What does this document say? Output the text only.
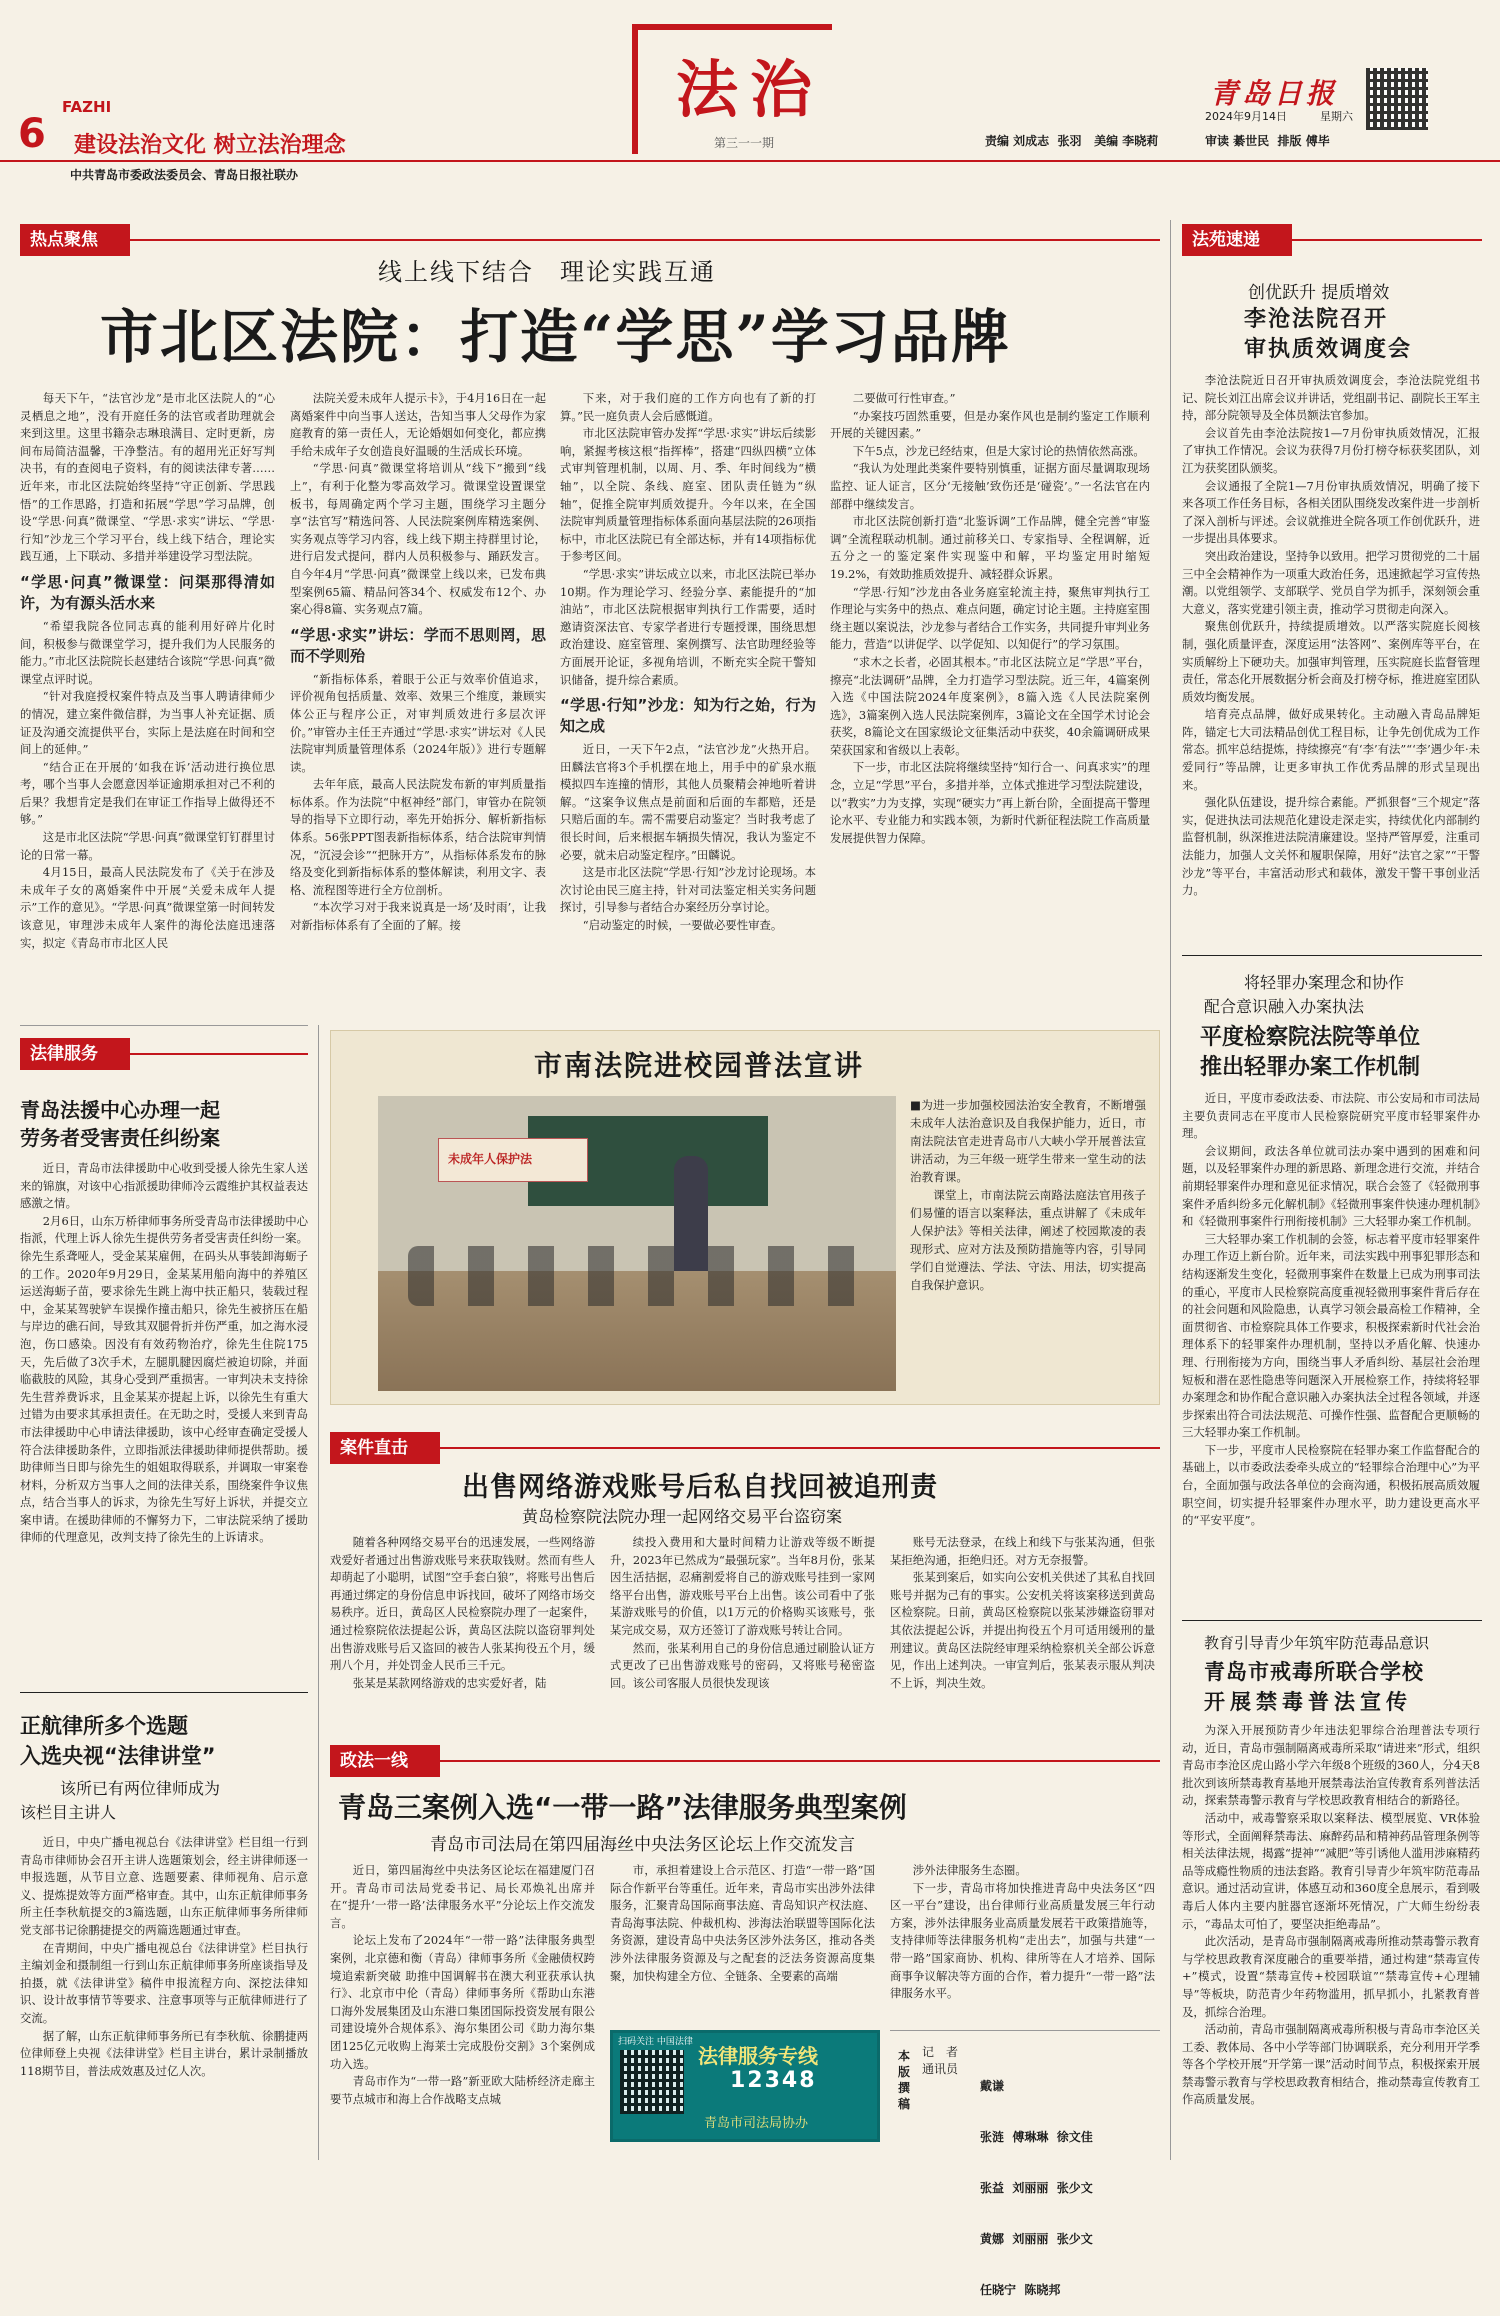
FAZHI
6 建设法治文化 树立法治理念
中共青岛市委政法委员会、青岛日报社联办
法治
第三一一期
青岛日报
2024年9月14日	星期六
责编 刘成志  张羽   美编 李晓莉	审读 綦世民  排版 傅毕
热点聚焦
线上线下结合　理论实践互通
市北区法院：打造“学思”学习品牌

每天下午，“法官沙龙”是市北区法院人的“心灵栖息之地”，没有开庭任务的法官或者助理就会来到这里。这里书籍杂志琳琅满目、定时更新，房间布局简洁温馨，干净整洁。有的超用光正好写判决书，有的查阅电子资料，有的阅读法律专著……近年来，市北区法院始终坚持“守正创新、学思践悟”的工作思路，打造和拓展“学思”学习品牌，创设“学思·问真”微课堂、“学思·求实”讲坛、“学思·行知”沙龙三个学习平台，线上线下结合，理论实践互通，上下联动、多措并举建设学习型法院。

“学思·问真”微课堂：问渠那得清如许，为有源头活水来

“希望我院各位同志真的能利用好碎片化时间，积极参与微课堂学习，提升我们为人民服务的能力。”市北区法院院长赵建结合该院“学思·问真”微课堂点评时说。

“针对我庭授权案件特点及当事人聘请律师少的情况，建立案件微信群，为当事人补充证据、质证及沟通交流提供平台，实际上是法庭在时间和空间上的延伸。”

“结合正在开展的‘如我在诉’活动进行换位思考，哪个当事人会愿意因举证逾期承担对己不利的后果？我想肯定是我们在审证工作指导上做得还不够。”

这是市北区法院“学思·问真”微课堂钉钉群里讨论的日常一幕。

4月15日，最高人民法院发布了《关于在涉及未成年子女的离婚案件中开展“关爱未成年人提示”工作的意见》。“学思·问真”微课堂第一时间转发该意见，审理涉未成年人案件的海伦法庭迅速落实，拟定《青岛市市北区人民

法院关爱未成年人提示卡》，于4月16日在一起离婚案件中向当事人送达，告知当事人父母作为家庭教育的第一责任人，无论婚姻如何变化，都应携手给未成年子女创造良好温暖的生活成长环境。

“学思·问真”微课堂将培训从“线下”搬到“线上”，有利于化整为零高效学习。微课堂设置课堂板书，每周确定两个学习主题，围绕学习主题分享“法官写”精选问答、人民法院案例库精选案例、实务观点等学习内容，线上线下期主持群里讨论，进行启发式提问，群内人员积极参与、踊跃发言。自今年4月“学思·问真”微课堂上线以来，已发布典型案例65篇、精品问答34个、权威发布12个、办案心得8篇、实务观点7篇。

“学思·求实”讲坛：学而不思则罔，思而不学则殆

“新指标体系，着眼于公正与效率价值追求，评价视角包括质量、效率、效果三个维度，兼顾实体公正与程序公正，对审判质效进行多层次评价。”审管办主任王卉通过“学思·求实”讲坛对《人民法院审判质量管理体系（2024年版）》进行专题解读。

去年年底，最高人民法院发布新的审判质量指标体系。作为法院“中枢神经”部门，审管办在院领导的指导下立即行动，率先开始拆分、解析新指标体系。56张PPT图表新指标体系，结合法院审判情况，“沉浸会诊”“把脉开方”，从指标体系发布的脉络及变化到新指标体系的整体解读，利用文字、表格、流程图等进行全方位剖析。

“本次学习对于我来说真是一场‘及时雨’，让我对新指标体系有了全面的了解。接

下来，对于我们庭的工作方向也有了新的打算。”民一庭负责人会后感慨道。

市北区法院审管办发挥“学思·求实”讲坛后续影响，紧握考核这根“指挥棒”，搭建“四纵四横”立体式审判管理机制，以周、月、季、年时间线为“横轴”，以全院、条线、庭室、团队责任链为“纵轴”，促推全院审判质效提升。今年以来，在全国法院审判质量管理指标体系面向基层法院的26项指标中，市北区法院已有全部达标，并有14项指标优于参考区间。

“学思·求实”讲坛成立以来，市北区法院已举办10期。作为理论学习、经验分享、素能提升的“加油站”，市北区法院根据审判执行工作需要，适时邀请资深法官、专家学者进行专题授课，围绕思想政治建设、庭室管理、案例撰写、法官助理经验等方面展开论证，多视角培训，不断充实全院干警知识储备，提升综合素质。

“学思·行知”沙龙：知为行之始，行为知之成

近日，一天下午2点，“法官沙龙”火热开启。田麟法官将3个手机摆在地上，用手中的矿泉水瓶模拟四车连撞的情形，其他人员聚精会神地听着讲解。“这案争议焦点是前面和后面的车都赔，还是只赔后面的车。需不需要启动鉴定？当时我考虑了很长时间，后来根据车辆损失情况，我认为鉴定不必要，就未启动鉴定程序。”田麟说。

这是市北区法院“学思·行知”沙龙讨论现场。本次讨论由民三庭主持，针对司法鉴定相关实务问题探讨，引导参与者结合办案经历分享讨论。

“启动鉴定的时候，一要做必要性审查。

二要做可行性审查。”

“办案技巧固然重要，但是办案作风也是制约鉴定工作顺利开展的关键因素。”

下午5点，沙龙已经结束，但是大家讨论的热情依然高涨。

“我认为处理此类案件要特别慎重，证据方面尽量调取现场监控、证人证言，区分‘无接触’致伤还是‘碰瓷’。”一名法官在内部群中继续发言。

市北区法院创新打造“北鉴诉调”工作品牌，健全完善“审鉴调”全流程联动机制。通过前移关口、专家指导、全程调解，近五分之一的鉴定案件实现鉴中和解，平均鉴定用时缩短19.2%，有效助推质效提升、减轻群众诉累。

“学思·行知”沙龙由各业务庭室轮流主持，聚焦审判执行工作理论与实务中的热点、难点问题，确定讨论主题。主持庭室围绕主题以案说法，沙龙参与者结合工作实务，共同提升审判业务能力，营造“以讲促学、以学促知、以知促行”的学习氛围。

“求木之长者，必固其根本。”市北区法院立足“学思”平台，擦亮“北法调研”品牌，全力打造学习型法院。近三年，4篇案例入选《中国法院2024年度案例》，8篇入选《人民法院案例选》，3篇案例入选人民法院案例库，3篇论文在全国学术讨论会获奖，8篇论文在国家级论文征集活动中获奖，40余篇调研成果荣获国家和省级以上表彰。

下一步，市北区法院将继续坚持“知行合一、问真求实”的理念，立足“学思”平台，多措并举，立体式推进学习型法院建设，以“教实”力为支撑，实现“硬实力”再上新台阶，全面提高干警理论水平、专业能力和实践本领，为新时代新征程法院工作高质量发展提供智力保障。

法苑速递
创优跃升 提质增效
李沧法院召开
审执质效调度会

李沧法院近日召开审执质效调度会，李沧法院党组书记、院长刘江出席会议并讲话，党组副书记、副院长王军主持，部分院领导及全体员额法官参加。

会议首先由李沧法院按1—7月份审执质效情况，汇报了审执工作情况。会议为获得7月份打榜夺标获奖团队，刘江为获奖团队颁奖。

会议通报了全院1—7月份审执质效情况，明确了接下来各项工作任务目标，各相关团队围绕发改案件进一步剖析了深入剖析与评述。会议就推进全院各项工作创优跃升，进一步提出具体要求。

突出政治建设，坚持争以致用。把学习贯彻党的二十届三中全会精神作为一项重大政治任务，迅速掀起学习宣传热潮。以党组领学、支部联学、党员自学为抓手，深刻领会重大意义，落实党建引领主责，推动学习贯彻走向深入。

聚焦创优跃升，持续提质增效。以严落实院庭长阅核制，强化质量评查，深度运用“法答网”、案例库等平台，在实质解纷上下硬功夫。加强审判管理，压实院庭长监督管理责任，常态化开展数据分析会商及打榜夺标，推进庭室团队质效均衡发展。

培育亮点品牌，做好成果转化。主动融入青岛品牌矩阵，锚定七大司法精品创优工程目标，让争先创优成为工作常态。抓牢总结提炼，持续擦亮“有‘李’有法”“‘李’遇少年·未爱同行”等品牌，让更多审执工作优秀品牌的形式呈现出来。

强化队伍建设，提升综合素能。严抓狠督“三个规定”落实，促进执法司法规范化建设走深走实，持续优化内部制约监督机制，纵深推进法院清廉建设。坚持严管厚爱，注重司法能力，加强人文关怀和履职保障，用好“法官之家”“干警沙龙”等平台，丰富活动形式和载体，激发干警干事创业活力。

将轻罪办案理念和协作
配合意识融入办案执法
平度检察院法院等单位
推出轻罪办案工作机制

近日，平度市委政法委、市法院、市公安局和市司法局主要负责同志在平度市人民检察院研究平度市轻罪案件办理。

会议期间，政法各单位就司法办案中遇到的困难和问题，以及轻罪案件办理的新思路、新理念进行交流，并结合前期轻罪案件办理和意见征求情况，联合会签了《轻微刑事案件矛盾纠纷多元化解机制》《轻微刑事案件快速办理机制》和《轻微刑事案件行刑衔接机制》三大轻罪办案工作机制。

三大轻罪办案工作机制的会签，标志着平度市轻罪案件办理工作迈上新台阶。近年来，司法实践中刑事犯罪形态和结构逐渐发生变化，轻微刑事案件在数量上已成为刑事司法的重心，平度市人民检察院高度重视轻微刑事案件背后存在的社会问题和风险隐患，认真学习领会最高检工作精神，全面贯彻省、市检察院具体工作要求，积极探索新时代社会治理体系下的轻罪案件办理机制，坚持以矛盾化解、快速办理、行刑衔接为方向，围绕当事人矛盾纠纷、基层社会治理短板和潜在恶性隐患等问题深入开展检察工作，持续将轻罪办案理念和协作配合意识融入办案执法全过程各领域，并逐步探索出符合司法法规范、可操作性强、监督配合更顺畅的三大轻罪办案工作机制。

下一步，平度市人民检察院在轻罪办案工作监督配合的基础上，以市委政法委牵头成立的“轻罪综合治理中心”为平台，全面加强与政法各单位的会商沟通，积极拓展高质效履职空间，切实提升轻罪案件办理水平，助力建设更高水平的“平安平度”。

教育引导青少年筑牢防范毒品意识
青岛市戒毒所联合学校
开展禁毒普法宣传

为深入开展预防青少年违法犯罪综合治理普法专项行动，近日，青岛市强制隔离戒毒所采取“请进来”形式，组织青岛市李沧区虎山路小学六年级8个班级的360人，分4天8批次到该所禁毒教育基地开展禁毒法治宣传教育系列普法活动，探索禁毒警示教育与学校思政教育相结合的新路径。

活动中，戒毒警察采取以案释法、模型展览、VR体验等形式，全面阐释禁毒法、麻醉药品和精神药品管理条例等相关法律法规，揭露“提神”“减肥”等引诱他人滥用涉麻精药品等成瘾性物质的违法套路。教育引导青少年筑牢防范毒品意识。通过活动宣讲，体感互动和360度全息展示，看到吸毒后人体内主要内脏器官逐渐坏死情况，广大师生纷纷表示，“毒品太可怕了，要坚决拒绝毒品”。

此次活动，是青岛市强制隔离戒毒所推动禁毒警示教育与学校思政教育深度融合的重要举措，通过构建“禁毒宣传+”模式，设置“禁毒宣传+校园联谊”“禁毒宣传+心理辅导”等板块，防范青少年药物滥用，抓早抓小，扎紧教育普及，抓综合治理。

活动前，青岛市强制隔离戒毒所积极与青岛市李沧区关工委、教体局、各中小学等部门协调联系，充分利用开学季等各个学校开展“开学第一课”活动时间节点，积极探索开展禁毒警示教育与学校思政教育相结合，推动禁毒宣传教育工作高质量发展。

法律服务
青岛法援中心办理一起
劳务者受害责任纠纷案

近日，青岛市法律援助中心收到受援人徐先生家人送来的锦旗，对该中心指派援助律师冷云霞维护其权益表达感激之情。

2月6日，山东万桥律师事务所受青岛市法律援助中心指派，代理上诉人徐先生提供劳务者受害责任纠纷一案。徐先生系聋哑人，受金某某雇佣，在码头从事装卸海蛎子的工作。2020年9月29日，金某某用船向海中的养殖区运送海蛎子苗，要求徐先生跳上海中扶正船只，装载过程中，金某某驾驶铲车误操作撞击船只，徐先生被挤压在船与岸边的礁石间，导致其双腿骨折并伤严重，加之海水浸泡，伤口感染。因没有有效药物治疗，徐先生住院175天，先后做了3次手术，左腿肌腱因腐烂被迫切除，并面临截肢的风险，其身心受到严重损害。一审判决未支持徐先生营养费诉求，且金某某亦提起上诉，以徐先生有重大过错为由要求其承担责任。在无助之时，受援人来到青岛市法律援助中心申请法律援助，该中心经审查确定受援人符合法律援助条件，立即指派法律援助律师提供帮助。援助律师当日即与徐先生的姐姐取得联系，并调取一审案卷材料，分析双方当事人之间的法律关系，围绕案件争议焦点，结合当事人的诉求，为徐先生写好上诉状，并提交立案申请。在援助律师的不懈努力下，二审法院采纳了援助律师的代理意见，改判支持了徐先生的上诉请求。

正航律所多个选题
入选央视“法律讲堂”
该所已有两位律师成为
该栏目主讲人

近日，中央广播电视总台《法律讲堂》栏目组一行到青岛市律师协会召开主讲人选题策划会，经主讲律师逐一申报选题，从节目立意、选题要素、律师视角、启示意义、提炼提效等方面严格审查。其中，山东正航律师事务所主任李秋航提交的3篇选题，山东正航律师事务所律师党支部书记徐鹏捷提交的两篇选题通过审查。

在青期间，中央广播电视总台《法律讲堂》栏目执行主编刘金和摄制组一行到山东正航律师事务所座谈指导及拍摄，就《法律讲堂》稿件申报流程方向、深挖法律知识、设计故事情节等要求、注意事项等与正航律师进行了交流。

据了解，山东正航律师事务所已有李秋航、徐鹏捷两位律师登上央视《法律讲堂》栏目主讲台，累计录制播放118期节目，普法成效惠及过亿人次。

市南法院进校园普法宣讲
未成年人保护法

■为进一步加强校园法治安全教育，不断增强未成年人法治意识及自我保护能力，近日，市南法院法官走进青岛市八大峡小学开展普法宣讲活动，为三年级一班学生带来一堂生动的法治教育课。

课堂上，市南法院云南路法庭法官用孩子们易懂的语言以案释法，重点讲解了《未成年人保护法》等相关法律，阐述了校园欺凌的表现形式、应对方法及预防措施等内容，引导同学们自觉遵法、学法、守法、用法，切实提高自我保护意识。

案件直击
出售网络游戏账号后私自找回被追刑责
黄岛检察院法院办理一起网络交易平台盗窃案

随着各种网络交易平台的迅速发展，一些网络游戏爱好者通过出售游戏账号来获取钱财。然而有些人却萌起了小聪明，试图“空手套白狼”，将账号出售后再通过绑定的身份信息申诉找回，破坏了网络市场交易秩序。近日，黄岛区人民检察院办理了一起案件，通过检察院依法提起公诉，黄岛区法院以盗窃罪判处出售游戏账号后又盗回的被告人张某拘役五个月，缓刑八个月，并处罚金人民币三千元。

张某是某款网络游戏的忠实爱好者，陆

续投入费用和大量时间精力让游戏等级不断提升，2023年已然成为“最强玩家”。当年8月份，张某因生活拮据，忍痛割爱将自己的游戏账号挂到一家网络平台出售，游戏账号平台上出售。该公司看中了张某游戏账号的价值，以1万元的价格购买该账号，张某完成交易，双方还签订了游戏账号转让合同。

然而，张某利用自己的身份信息通过刷脸认证方式更改了已出售游戏账号的密码，又将账号秘密盗回。该公司客服人员很快发现该

账号无法登录，在线上和线下与张某沟通，但张某拒绝沟通，拒绝归还。对方无奈报警。

张某到案后，如实向公安机关供述了其私自找回账号并据为己有的事实。公安机关将该案移送到黄岛区检察院。日前，黄岛区检察院以张某涉嫌盗窃罪对其依法提起公诉，并提出拘役五个月可适用缓刑的量刑建议。黄岛区法院经审理采纳检察机关全部公诉意见，作出上述判决。一审宣判后，张某表示服从判决不上诉，判决生效。

政法一线
青岛三案例入选“一带一路”法律服务典型案例
青岛市司法局在第四届海丝中央法务区论坛上作交流发言

近日，第四届海丝中央法务区论坛在福建厦门召开。青岛市司法局党委书记、局长邓焕礼出席并在“提升‘一带一路’法律服务水平”分论坛上作交流发言。

论坛上发布了2024年“一带一路”法律服务典型案例，北京德和衡（青岛）律师事务所《金融债权跨境追索新突破 助推中国调解书在澳大利亚获承认执行》、北京市中伦（青岛）律师事务所《帮助山东港口海外发展集团及山东港口集团国际投资发展有限公司建设境外合规体系》、海尔集团公司《助力海尔集团125亿元收购上海莱士完成股份交割》3个案例成功入选。

青岛市作为“一带一路”新亚欧大陆桥经济走廊主要节点城市和海上合作战略支点城

市，承担着建设上合示范区、打造“一带一路”国际合作新平台等重任。近年来，青岛市实出涉外法律服务，汇聚青岛国际商事法庭、青岛知识产权法庭、青岛海事法院、仲裁机构、涉海法治联盟等国际化法务资源，建设青岛中央法务区涉外法务区，推动各类涉外法律服务资源及与之配套的泛法务资源高度集聚，加快构建全方位、全链条、全要素的高端

涉外法律服务生态圈。

下一步，青岛市将加快推进青岛中央法务区“四区一平台”建设，出台律师行业高质量发展三年行动方案，涉外法律服务业高质量发展若干政策措施等，支持律师等法律服务机构“走出去”，加强与共建“一带一路”国家商协、机构、律所等在人才培养、国际商事争议解决等方面的合作，着力提升“一带一路”法律服务水平。

扫码关注 中国法律
法律服务专线
12348
青岛市司法局协办
本
版
撰
稿
记　者
通讯员

戴谦

张涟  傅琳琳  徐文佳

张益  刘丽丽  张少文

黄娜  刘丽丽  张少文

任晓宁  陈晓邦
